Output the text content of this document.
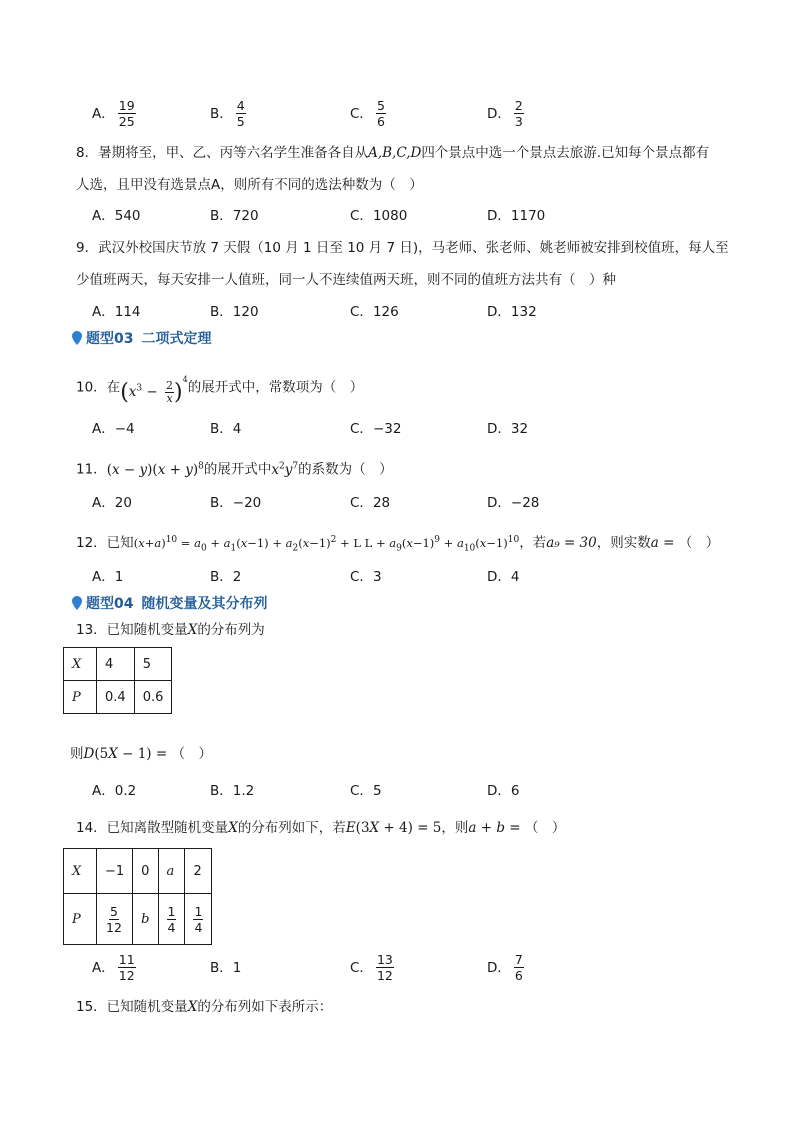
A． $\frac{19}{25}$	B． $\frac{4}{5}$	C． $\frac{5}{6}$	D． $\frac{2}{3}$
8．暑期将至，甲、乙、丙等六名学生准备各自从A,B,C,D四个景点中选一个景点去旅游.已知每个景点都有
人选，且甲没有选景点A，则所有不同的选法种数为（　）
A．540	B．720	C．1080	D．1170
9．武汉外校国庆节放 7 天假（10 月 1 日至 10 月 7 日)，马老师、张老师、姚老师被安排到校值班，每人至
少值班两天，每天安排一人值班，同一人不连续值两天班，则不同的值班方法共有（　）种
A．114	B．120	C．126	D．132
题型03 二项式定理
10．在$(x^3 - \frac{2}{x} )^4$的展开式中，常数项为（　）
A．−4	B．4	C．−32	D．32
11．$(x - y)(x + y)^8$的展开式中$x^2y^7$的系数为（　）
A．20	B．−20	C．28	D．−28
12．已知$(x+a)^{10} = a_0 + a_1(x-1) + a_2(x-1)^2 + L$ $L + a_9(x-1)^9 + a_{10}(x-1)^{10}$，若a₉ = 30，则实数a = （　）
A．1	B．2	C．3	D．4
题型04 随机变量及其分布列
13．已知随机变量X的分布列为
X	4	5
P	0.4	0.6
则D(5X − 1) = （　）
A．0.2	B．1.2	C．5	D．6
14．已知离散型随机变量X的分布列如下，若E(3X + 4) = 5，则a + b = （　）
X	−1	0	a	2
P	$\frac{5}{12}$	b	$\frac{1}{4}$	$\frac{1}{4}$
A． $\frac{11}{12}$	B．1	C． $\frac{13}{12}$	D． $\frac{7}{6}$
15．已知随机变量X的分布列如下表所示：
